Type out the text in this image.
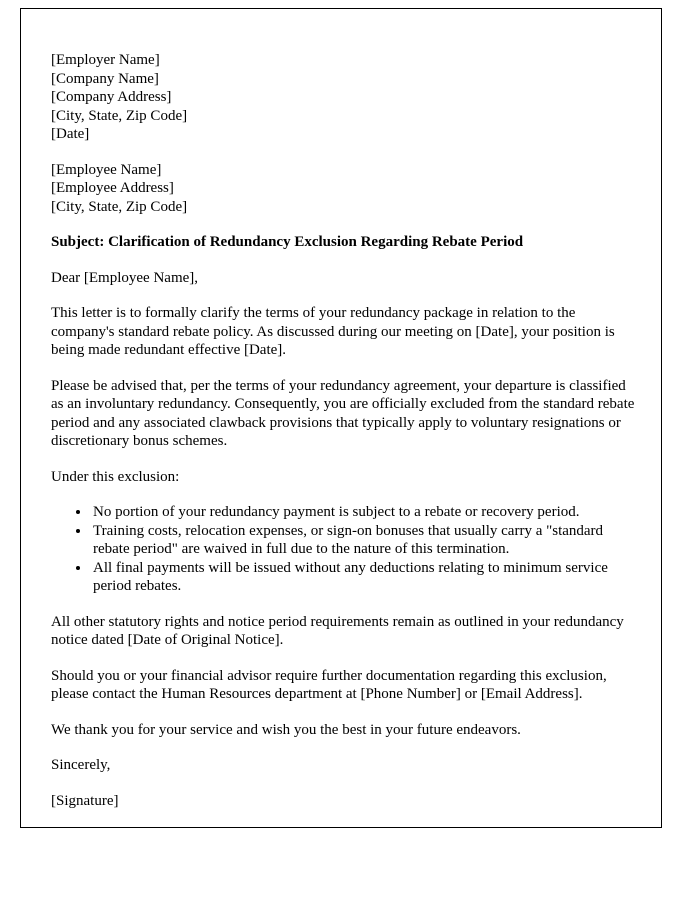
[Employer Name]
[Company Name]
[Company Address]
[City, State, Zip Code]
[Date]
[Employee Name]
[Employee Address]
[City, State, Zip Code]
Subject: Clarification of Redundancy Exclusion Regarding Rebate Period

Dear [Employee Name],

This letter is to formally clarify the terms of your redundancy package in relation to the company's standard rebate policy. As discussed during our meeting on [Date], your position is being made redundant effective [Date].

Please be advised that, per the terms of your redundancy agreement, your departure is classified as an involuntary redundancy. Consequently, you are officially excluded from the standard rebate period and any associated clawback provisions that typically apply to voluntary resignations or discretionary bonus schemes.

Under this exclusion:

• No portion of your redundancy payment is subject to a rebate or recovery period.
• Training costs, relocation expenses, or sign-on bonuses that usually carry a "standard rebate period" are waived in full due to the nature of this termination.
• All final payments will be issued without any deductions relating to minimum service period rebates.

All other statutory rights and notice period requirements remain as outlined in your redundancy notice dated [Date of Original Notice].

Should you or your financial advisor require further documentation regarding this exclusion, please contact the Human Resources department at [Phone Number] or [Email Address].

We thank you for your service and wish you the best in your future endeavors.

Sincerely,

[Signature]
